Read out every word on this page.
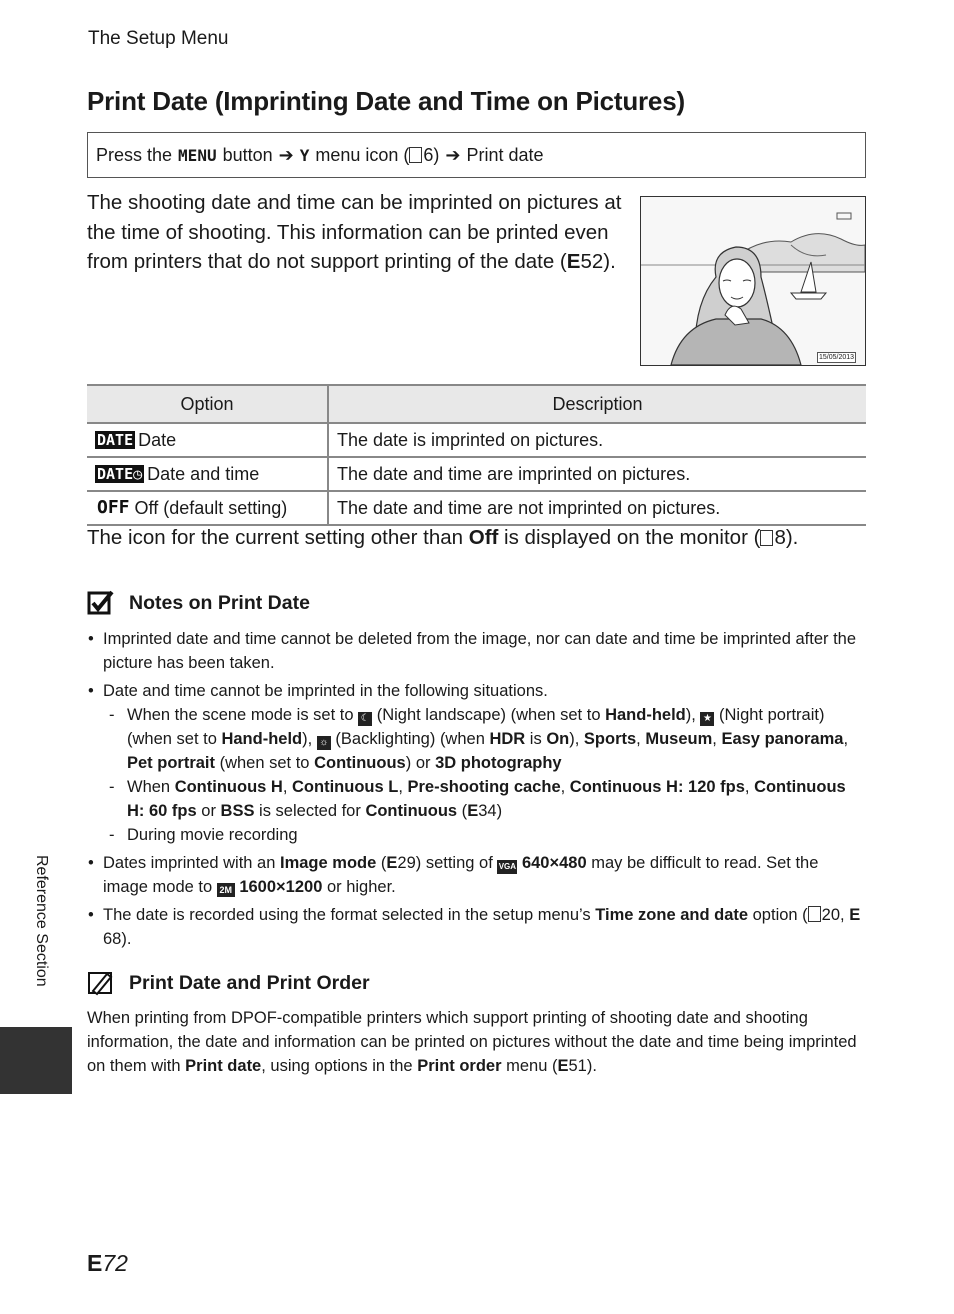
The Setup Menu
Print Date (Imprinting Date and Time on Pictures)
Press the MENU button ➔ Y menu icon ( 6) ➔ Print date
The shooting date and time can be imprinted on pictures at the time of shooting. This information can be printed even from printers that do not support printing of the date (E52).
15/05/2013
Option	Description
DATE Date	The date is imprinted on pictures.
DATE◷ Date and time	The date and time are imprinted on pictures.
OFF Off (default setting)	The date and time are not imprinted on pictures.
The icon for the current setting other than Off is displayed on the monitor ( 8).
Notes on Print Date
• Imprinted date and time cannot be deleted from the image, nor can date and time be imprinted after the picture has been taken.
• Date and time cannot be imprinted in the following situations.
- When the scene mode is set to ☾ (Night landscape) (when set to Hand-held), ★ (Night portrait) (when set to Hand-held), ☼ (Backlighting) (when HDR is On), Sports, Museum, Easy panorama, Pet portrait (when set to Continuous) or 3D photography
- When Continuous H, Continuous L, Pre-shooting cache, Continuous H: 120 fps, Continuous H: 60 fps or BSS is selected for Continuous (E34)
- During movie recording
• Dates imprinted with an Image mode (E29) setting of VGA 640×480 may be difficult to read. Set the image mode to 2M 1600×1200 or higher.
• The date is recorded using the format selected in the setup menu’s Time zone and date option ( 20, E68).
Print Date and Print Order
When printing from DPOF-compatible printers which support printing of shooting date and shooting information, the date and information can be printed on pictures without the date and time being imprinted on them with Print date, using options in the Print order menu (E51).
Reference Section
E72
